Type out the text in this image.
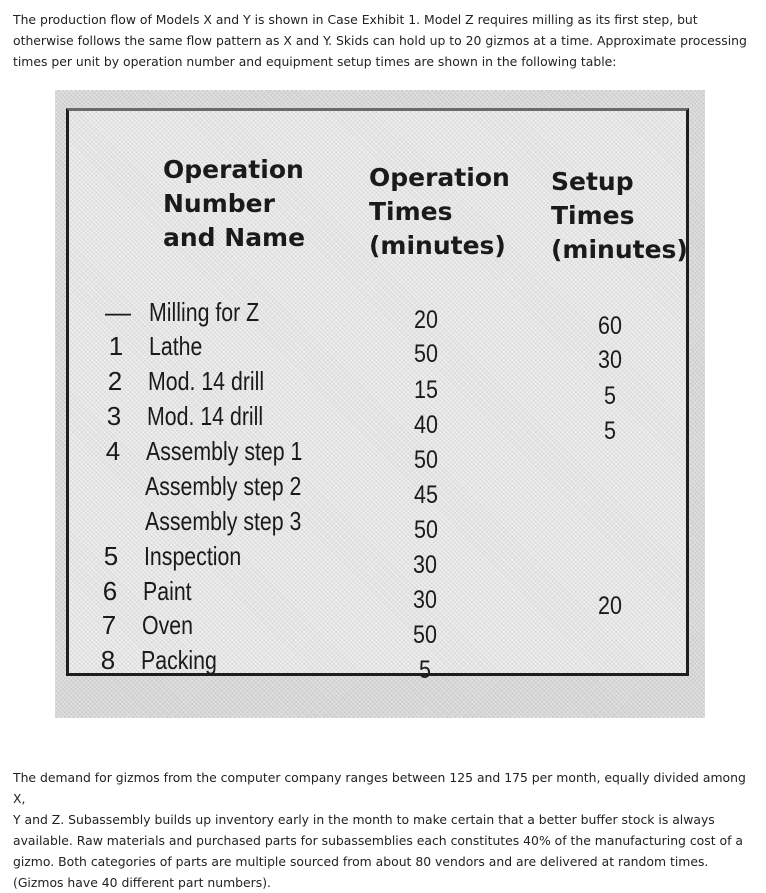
The production flow of Models X and Y is shown in Case Exhibit 1. Model Z requires milling as its first step, but
otherwise follows the same flow pattern as X and Y. Skids can hold up to 20 gizmos at a time. Approximate processing
times per unit by operation number and equipment setup times are shown in the following table:
Operation
Number
and Name
Operation
Times
(minutes)
Setup
Times
(minutes)
— Milling for Z
1 Lathe
2 Mod. 14 drill
3 Mod. 14 drill
4 Assembly step 1
Assembly step 2
Assembly step 3
5 Inspection
6 Paint
7 Oven
8 Packing
20
50
15
40
50
45
50
30
30
50
5
60
30
5
5
20
The demand for gizmos from the computer company ranges between 125 and 175 per month, equally divided among X,
Y and Z. Subassembly builds up inventory early in the month to make certain that a better buffer stock is always
available. Raw materials and purchased parts for subassemblies each constitutes 40% of the manufacturing cost of a
gizmo. Both categories of parts are multiple sourced from about 80 vendors and are delivered at random times.
(Gizmos have 40 different part numbers).
